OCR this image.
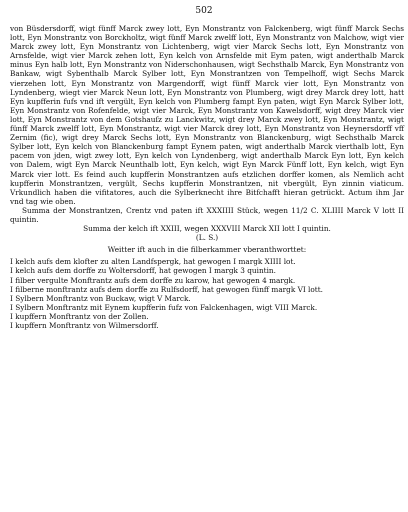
502

von Büsdersdorff, wigt fünff Marck zwey lott, Eyn Monstrantz von Falckenberg, wigt fünff Marck Sechs lott, Eyn Monstrantz von Borckholtz, wigt fünff Marck zwelff lott, Eyn Monstrantz von Malchow, wigt vier Marck zwey lott, Eyn Monstrantz von Lichtenberg, wigt vier Marck Sechs lott, Eyn Monstrantz von Arnsfelde, wigt vier Marck zehen lott, Eyn kelch von Arnsfelde mit Eym paten, wigt anderthalb Marck minus Eyn halb lott, Eyn Monstrantz von Niderschonhausen, wigt Sechsthalb Marck, Eyn Monstrantz von Bankaw, wigt Sybenthalb Marck Sylber lott, Eyn Monstrantzen von Tempelhoff, wigt Sechs Marck vierzehen lott, Eyn Monstrantz von Margendorff, wigt fünff Marck vier lott, Eyn Monstrantz von Lyndenberg, wiegt vier Marck Neun lott, Eyn Monstrantz von Plumberg, wigt drey Marck drey lott, hatt Eyn kupfferin fufs vnd ift vergült, Eyn kelch von Plumberg fampt Eyn paten, wigt Eyn Marck Sylber lott, Eyn Monstrantz von Rofenfelde, wigt vier Marck, Eyn Monstrantz von Kawelsdorff, wigt drey Marck vier lott, Eyn Monstrantz von dem Gotshauſz zu Lanckwitz, wigt drey Marck zwey lott, Eyn Monstrantz, wigt fünff Marck zwelff lott, Eyn Monstrantz, wigt vier Marck drey lott, Eyn Monstrantz von Heynersdorff vff Zernim (fic), wigt drey Marck Sechs lott, Eyn Monstrantz von Blanckenburg, wigt Sechsthalb Marck Sylber lott, Eyn kelch von Blanckenburg fampt Eynem paten, wigt anderthalb Marck vierthalb lott, Eyn pacem von jden, wigt zwey lott, Eyn kelch von Lyndenberg, wigt anderthalb Marck Eyn lott, Eyn kelch von Dalem, wigt Eyn Marck Neunthalb lott, Eyn kelch, wigt Eyn Marck Fünff lott, Eyn kelch, wigt Eyn Marck vier lott. Es feind auch kupfferin Monstrantzen aufs etzlichen dorffer komen, als Nemlich acht kupfferin Monstrantzen, vergült, Sechs kupfferin Monstrantzen, nit vbergült, Eyn zinnin viaticum. Vrkundlich haben die vifitatores, auch die Sylberknecht ihre Bitfchafft hieran getrückt. Actum ihm Jar vnd tag wie oben.

Summa der Monstrantzen, Crentz vnd paten ift XXXIIII Stück, wegen 11/2 C. XLIIII Marck V lott II quintin.

Summa der kelch ift XXIII, wegen XXXVIII Marck XII lott I quintin.

(L. S.)

Weitter ift auch in die filberkammer vberanthworttet:

I kelch aufs dem klofter zu alten Landfspergk, hat gewogen I margk XIIII lot.
I kelch aufs dem dorffe zu Woltersdorff, hat gewogen I margk 3 quintin.
I filber vergulte Monftrantz aufs dem dorffe zu karow, hat gewogen 4 margk.
I filberne monftrantz aufs dem dorffe zu Rulfsdorff, hat gewogen fünff margk VI lott.
I Sylbern Monftrantz von Buckaw, wigt V Marck.
I Sylbern Monftrantz mit Eynem kupfferin fufz von Falckenhagen, wigt VIII Marck.
I kupffern Monftrantz von der Zollen.
I kupffern Monftrantz von Wilmersdorff.
